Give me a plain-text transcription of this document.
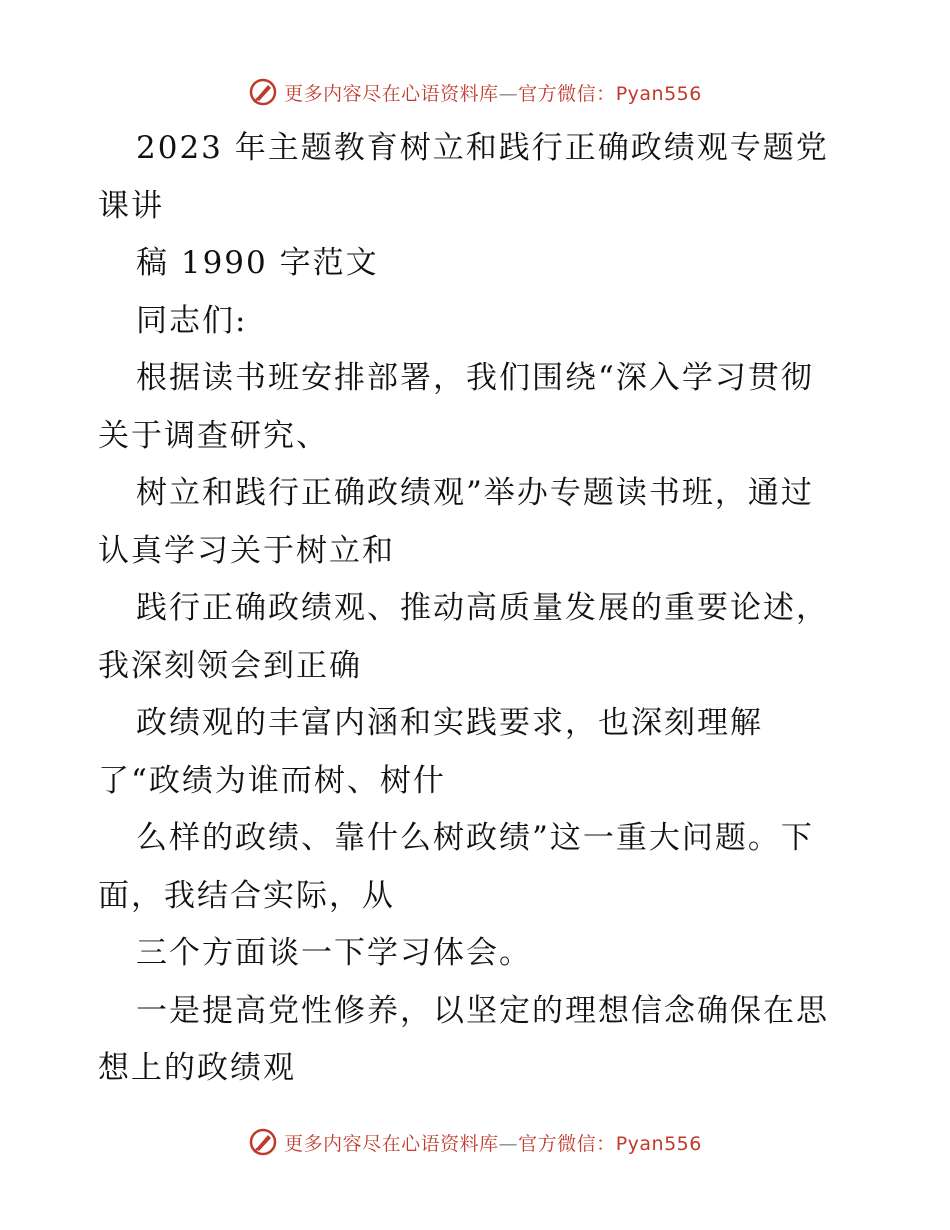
更多内容尽在心语资料库—官方微信：Pyan556
2023 年主题教育树立和践行正确政绩观专题党
课讲
稿 1990 字范文
同志们:
根据读书班安排部署，我们围绕“深入学习贯彻
关于调查研究、
树立和践行正确政绩观”举办专题读书班，通过
认真学习关于树立和
践行正确政绩观、推动高质量发展的重要论述，
我深刻领会到正确
政绩观的丰富内涵和实践要求，也深刻理解
了“政绩为谁而树、树什
么样的政绩、靠什么树政绩”这一重大问题。下
面，我结合实际，从
三个方面谈一下学习体会。
一是提高党性修养，以坚定的理想信念确保在思
想上的政绩观
更多内容尽在心语资料库—官方微信：Pyan556
